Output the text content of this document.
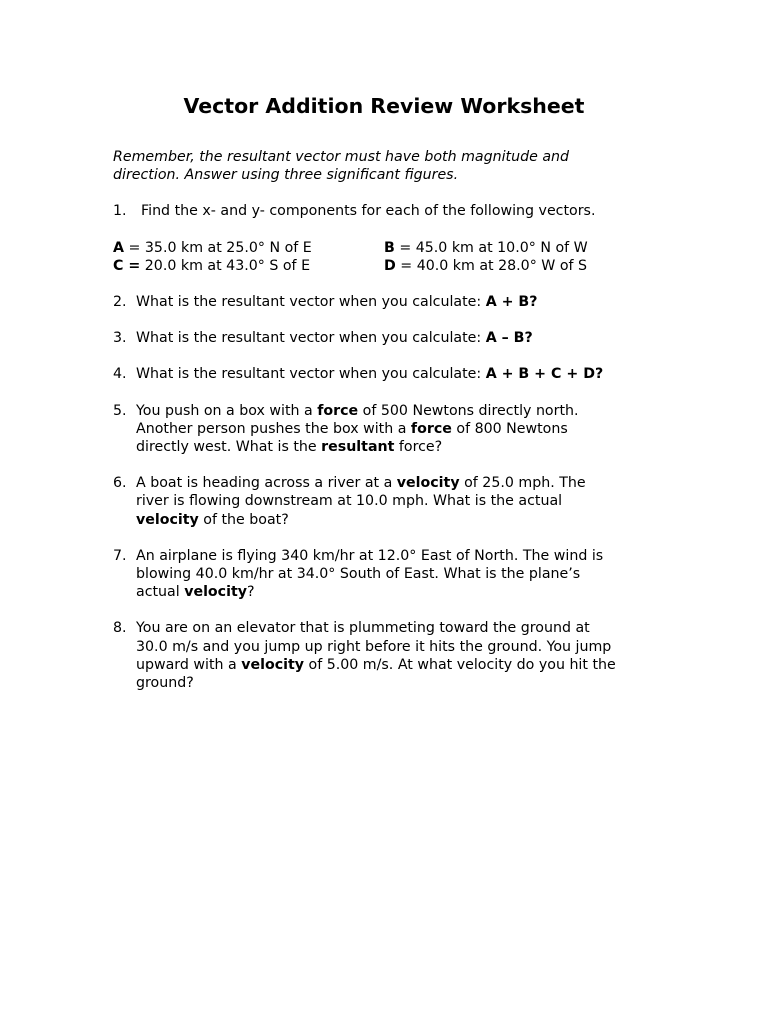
Vector Addition Review Worksheet
Remember, the resultant vector must have both magnitude and
direction. Answer using three significant figures.
1. Find the x- and y- components for each of the following vectors.
A = 35.0 km at 25.0° N of E	B = 45.0 km at 10.0° N of W
C = 20.0 km at 43.0° S of E	D = 40.0 km at 28.0° W of S
2. What is the resultant vector when you calculate: A + B?
3. What is the resultant vector when you calculate: A – B?
4. What is the resultant vector when you calculate: A + B + C + D?
5. You push on a box with a force of 500 Newtons directly north.
Another person pushes the box with a force of 800 Newtons
directly west. What is the resultant force?
6. A boat is heading across a river at a velocity of 25.0 mph. The
river is flowing downstream at 10.0 mph. What is the actual
velocity of the boat?
7. An airplane is flying 340 km/hr at 12.0° East of North. The wind is
blowing 40.0 km/hr at 34.0° South of East. What is the plane’s
actual velocity?
8. You are on an elevator that is plummeting toward the ground at
30.0 m/s and you jump up right before it hits the ground. You jump
upward with a velocity of 5.00 m/s. At what velocity do you hit the
ground?
